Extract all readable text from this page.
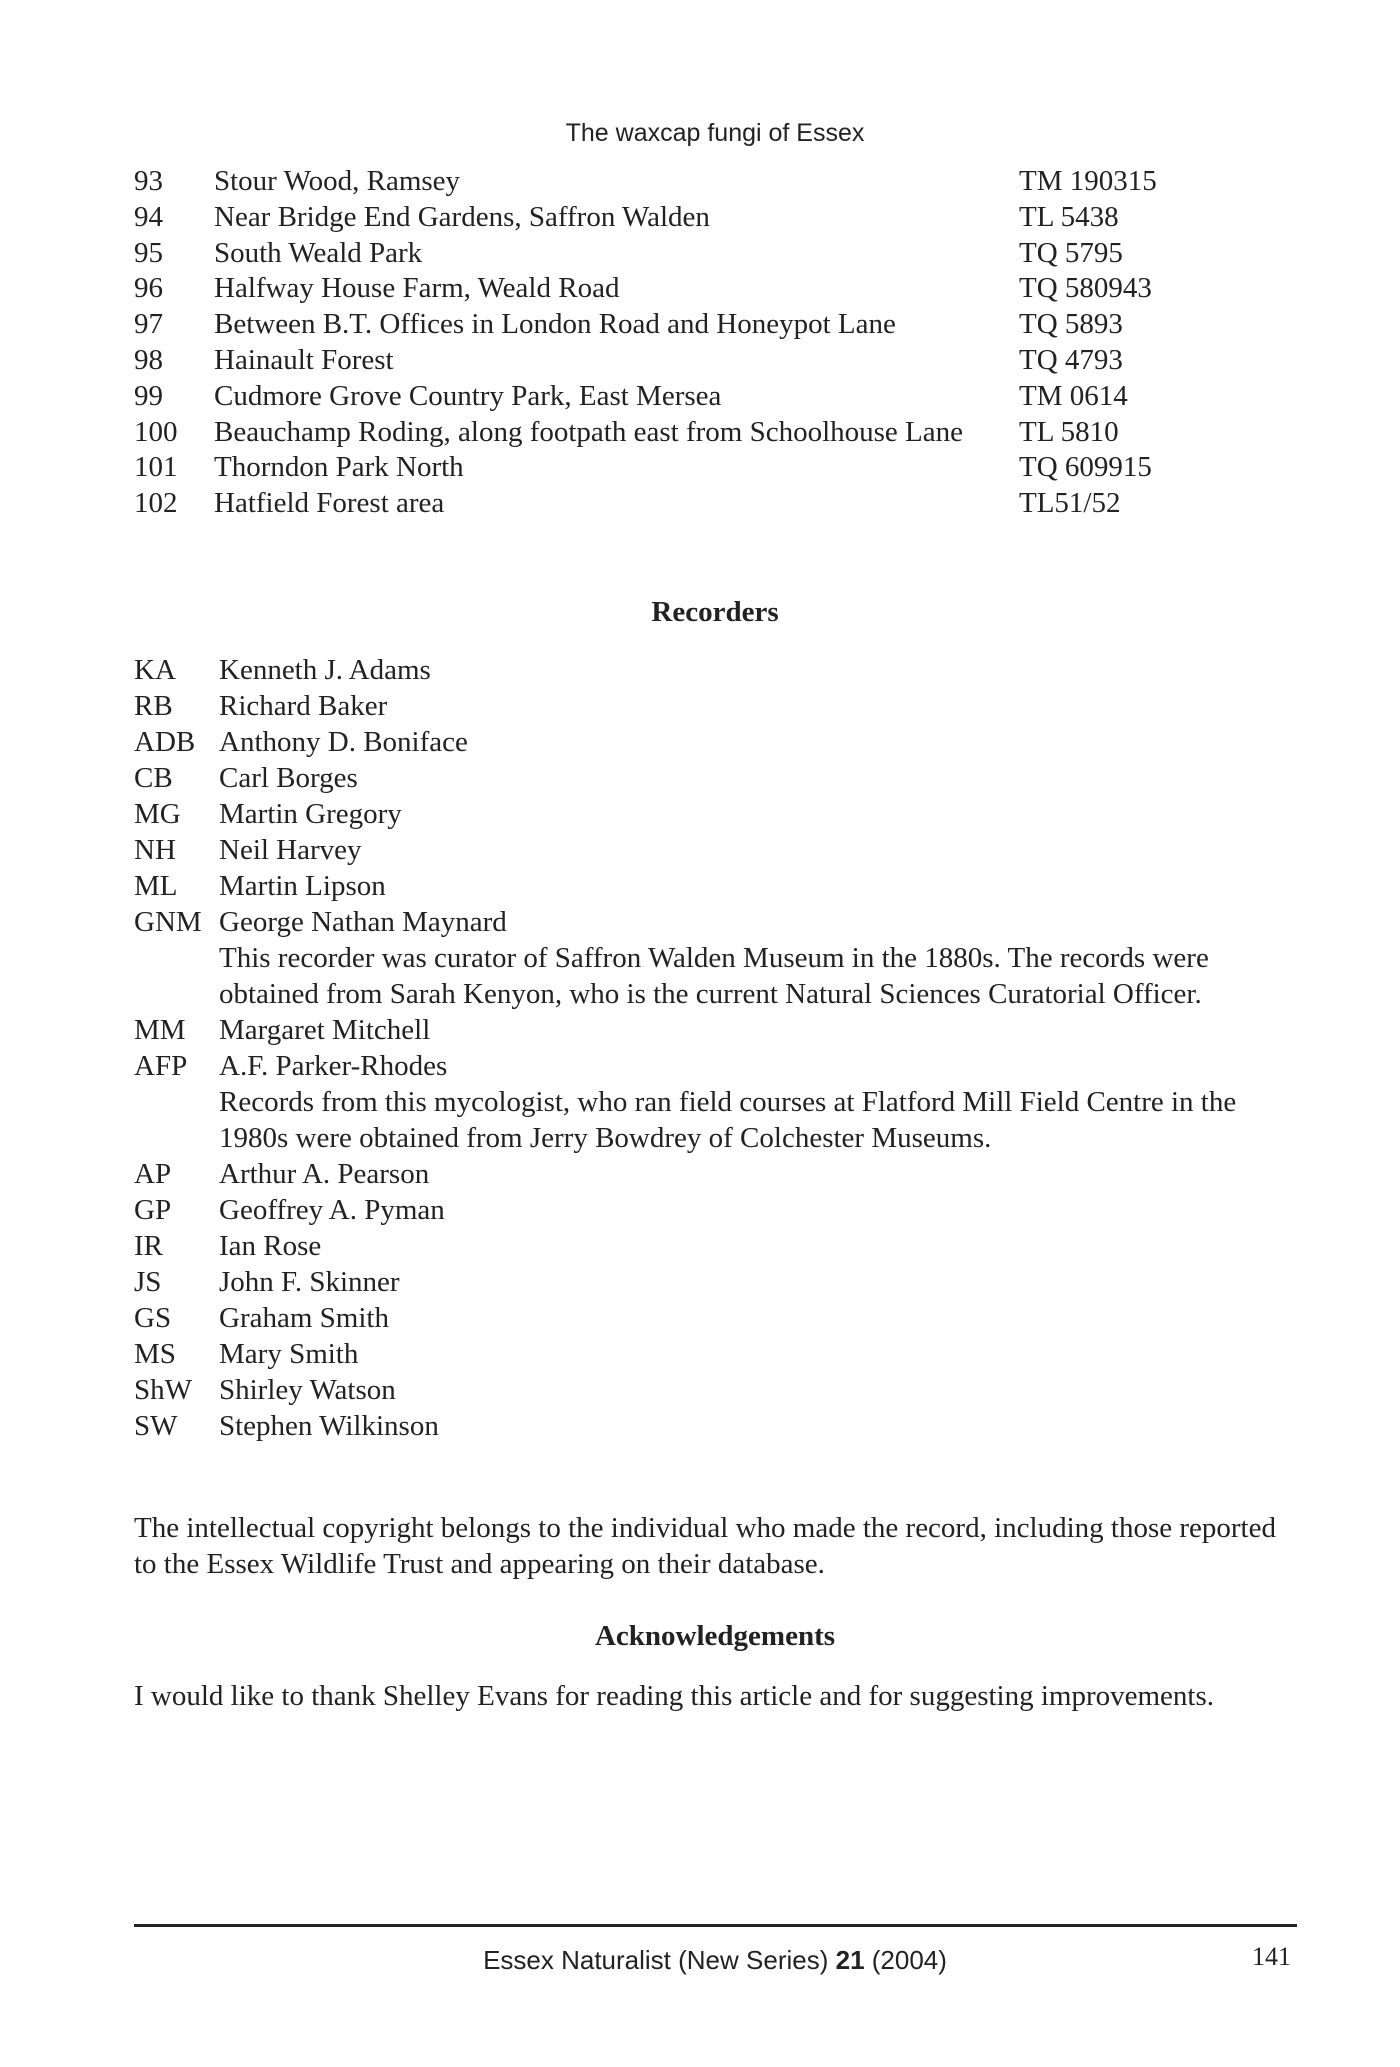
The waxcap fungi of Essex
93	Stour Wood, Ramsey	TM 190315
94	Near Bridge End Gardens, Saffron Walden	TL 5438
95	South Weald Park	TQ 5795
96	Halfway House Farm, Weald Road	TQ 580943
97	Between B.T. Offices in London Road and Honeypot Lane	TQ 5893
98	Hainault Forest	TQ 4793
99	Cudmore Grove Country Park, East Mersea	TM 0614
100	Beauchamp Roding, along footpath east from Schoolhouse Lane TL 5810
101	Thorndon Park North	TQ 609915
102	Hatfield Forest area	TL51/52
Recorders
KA	Kenneth J. Adams
RB	Richard Baker
ADB Anthony D. Boniface
CB	Carl Borges
MG	Martin Gregory
NH	Neil Harvey
ML	Martin Lipson
GNM George Nathan Maynard
This recorder was curator of Saffron Walden Museum in the 1880s. The records were obtained from Sarah Kenyon, who is the current Natural Sciences Curatorial Officer.
MM	Margaret Mitchell
AFP	A.F. Parker-Rhodes
Records from this mycologist, who ran field courses at Flatford Mill Field Centre in the 1980s were obtained from Jerry Bowdrey of Colchester Museums.
AP	Arthur A. Pearson
GP	Geoffrey A. Pyman
IR	Ian Rose
JS	John F. Skinner
GS	Graham Smith
MS	Mary Smith
ShW Shirley Watson
SW	Stephen Wilkinson
The intellectual copyright belongs to the individual who made the record, including those reported to the Essex Wildlife Trust and appearing on their database.
Acknowledgements
I would like to thank Shelley Evans for reading this article and for suggesting improvements.
Essex Naturalist (New Series) 21 (2004)	141
